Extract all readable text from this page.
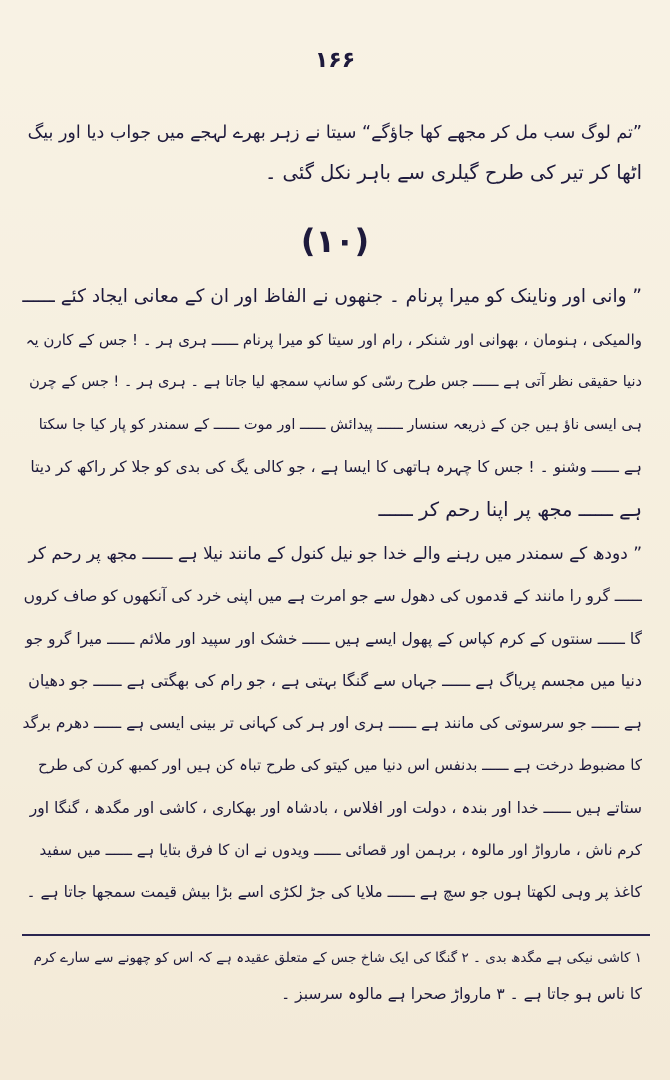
۱۶۶
”تم لوگ سب مل کر مجھے کھا جاؤگے“ سیتا نے زہر بھرے لہجے میں جواب دیا اور بیگ
اٹھا کر تیر کی طرح گیلری سے باہر نکل گئی ۔
(۱۰)
” وانی اور وناینک کو میرا پرنام ۔ جنھوں نے الفاظ اور ان کے معانی ایجاد کئے ــــــ
والمیکی ، ہنومان ، بھوانی اور شنکر ، رام اور سیتا کو میرا پرنام ــــــ ہری ہر ۔ ! جس کے کارن یہ
دنیا حقیقی نظر آتی ہے ــــــ جس طرح رسّی کو سانپ سمجھ لیا جاتا ہے ۔ ہری ہر ۔ ! جس کے چرن
ہی ایسی ناؤ ہیں جن کے ذریعہ سنسار ــــــ پیدائش ــــــ اور موت ــــــ کے سمندر کو پار کیا جا سکتا
ہے ــــــ وشنو ۔ ! جس کا چہرہ ہاتھی کا ایسا ہے ، جو کالی یگ کی بدی کو جلا کر راکھ کر دیتا
ہے ــــــ مجھ پر اپنا رحم کر ــــــ
” دودھ کے سمندر میں رہنے والے خدا جو نیل کنول کے مانند نیلا ہے ــــــ مجھ پر رحم کر
ــــــ گرو را مانند کے قدموں کی دھول سے جو امرت ہے میں اپنی خرد کی آنکھوں کو صاف کروں
گا ــــــ سنتوں کے کرم کپاس کے پھول ایسے ہیں ــــــ خشک اور سپید اور ملائم ــــــ میرا گرو جو
دنیا میں مجسم پریاگ ہے ــــــ جہاں سے گنگا بہتی ہے ، جو رام کی بھگتی ہے ــــــ جو دھیان
ہے ــــــ جو سرسوتی کی مانند ہے ــــــ ہری اور ہر کی کہانی تر بینی ایسی ہے ــــــ دھرم برگد
کا مضبوط درخت ہے ــــــ بدنفس اس دنیا میں کیتو کی طرح تباہ کن ہیں اور کمبھ کرن کی طرح
ستاتے ہیں ــــــ خدا اور بندہ ، دولت اور افلاس ، بادشاہ اور بھکاری ، کاشی اور مگدھ ، گنگا اور
کرم ناش ، مارواڑ اور مالوہ ، برہمن اور قصائی ــــــ ویدوں نے ان کا فرق بتایا ہے ــــــ میں سفید
کاغذ پر وہی لکھتا ہوں جو سچ ہے ــــــ ملایا کی جڑ لکڑی اسے بڑا بیش قیمت سمجھا جاتا ہے ۔
۱ کاشی نیکی ہے مگدھ بدی ۔ ۲ گنگا کی ایک شاخ جس کے متعلق عقیدہ ہے کہ اس کو چھونے سے سارے کرم
کا ناس ہو جاتا ہے ۔ ۳ مارواڑ صحرا ہے مالوہ سرسبز ۔
